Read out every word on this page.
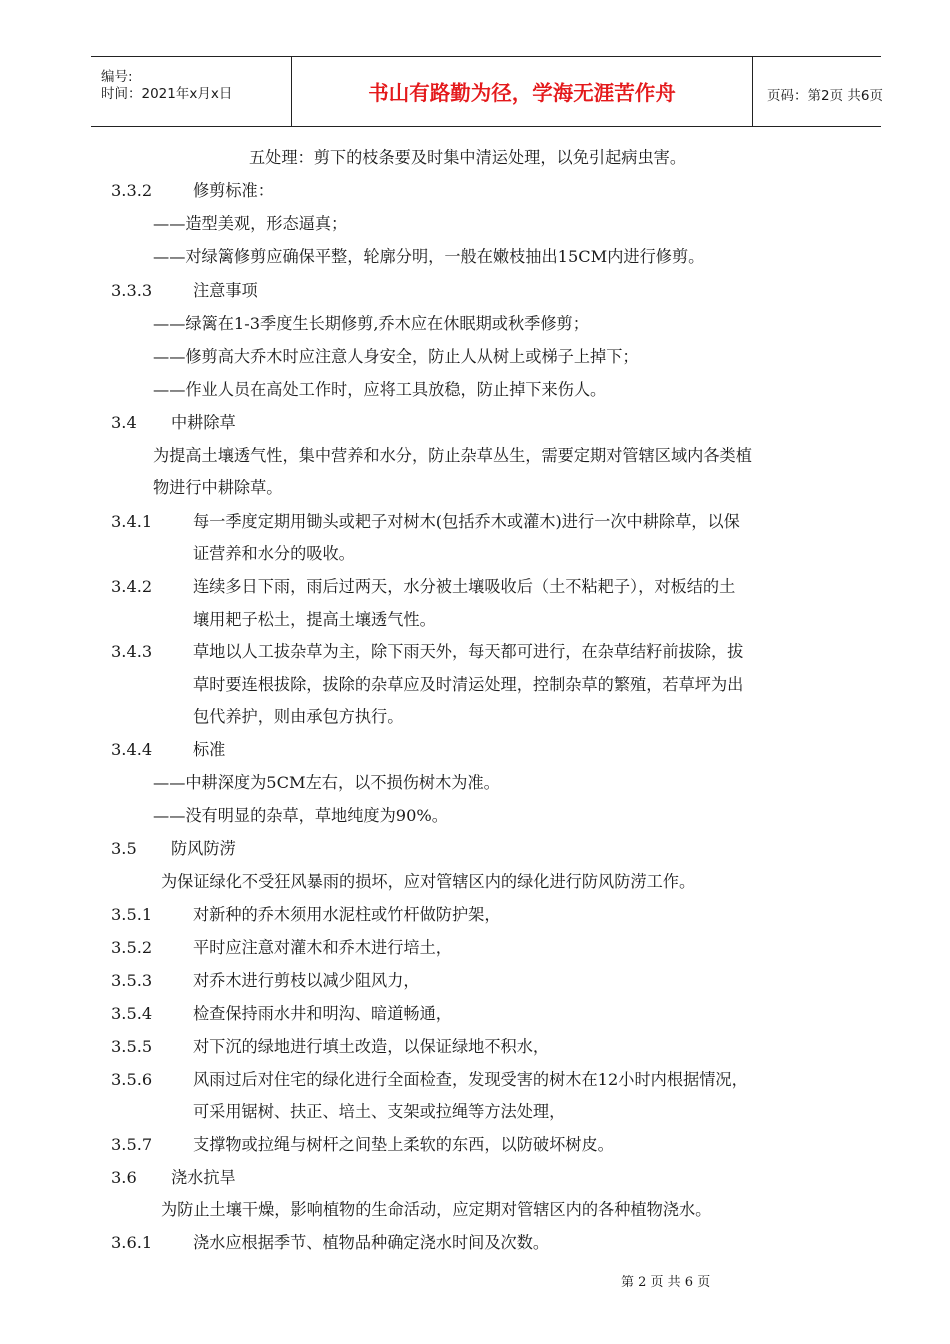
编号:
时间：2021年x月x日	书山有路勤为径，学海无涯苦作舟	页码：第2页 共6页
五处理：剪下的枝条要及时集中清运处理，以免引起病虫害。
3.3.2	修剪标准：
——造型美观，形态逼真；
——对绿篱修剪应确保平整，轮廓分明，一般在嫩枝抽出15CM内进行修剪。
3.3.3	注意事项
——绿篱在1-3季度生长期修剪,乔木应在休眠期或秋季修剪；
——修剪高大乔木时应注意人身安全，防止人从树上或梯子上掉下；
——作业人员在高处工作时，应将工具放稳，防止掉下来伤人。
3.4 中耕除草
为提高土壤透气性，集中营养和水分，防止杂草丛生，需要定期对管辖区域内各类植
物进行中耕除草。
3.4.1	每一季度定期用锄头或耙子对树木(包括乔木或灌木)进行一次中耕除草，以保
证营养和水分的吸收。
3.4.2	连续多日下雨，雨后过两天，水分被土壤吸收后（土不粘耙子），对板结的土
壤用耙子松土，提高土壤透气性。
3.4.3	草地以人工拔杂草为主，除下雨天外，每天都可进行，在杂草结籽前拔除，拔
草时要连根拔除，拔除的杂草应及时清运处理，控制杂草的繁殖，若草坪为出
包代养护，则由承包方执行。
3.4.4	标准
——中耕深度为5CM左右，以不损伤树木为准。
——没有明显的杂草，草地纯度为90%。
3.5 防风防涝
为保证绿化不受狂风暴雨的损坏，应对管辖区内的绿化进行防风防涝工作。
3.5.1	对新种的乔木须用水泥柱或竹杆做防护架，
3.5.2	平时应注意对灌木和乔木进行培土，
3.5.3	对乔木进行剪枝以减少阻风力，
3.5.4	检查保持雨水井和明沟、暗道畅通，
3.5.5	对下沉的绿地进行填土改造，以保证绿地不积水，
3.5.6	风雨过后对住宅的绿化进行全面检查，发现受害的树木在12小时内根据情况，
可采用锯树、扶正、培土、支架或拉绳等方法处理，
3.5.7	支撑物或拉绳与树杆之间垫上柔软的东西，以防破坏树皮。
3.6 浇水抗旱
为防止土壤干燥，影响植物的生命活动，应定期对管辖区内的各种植物浇水。
3.6.1	浇水应根据季节、植物品种确定浇水时间及次数。
第 2 页 共 6 页
